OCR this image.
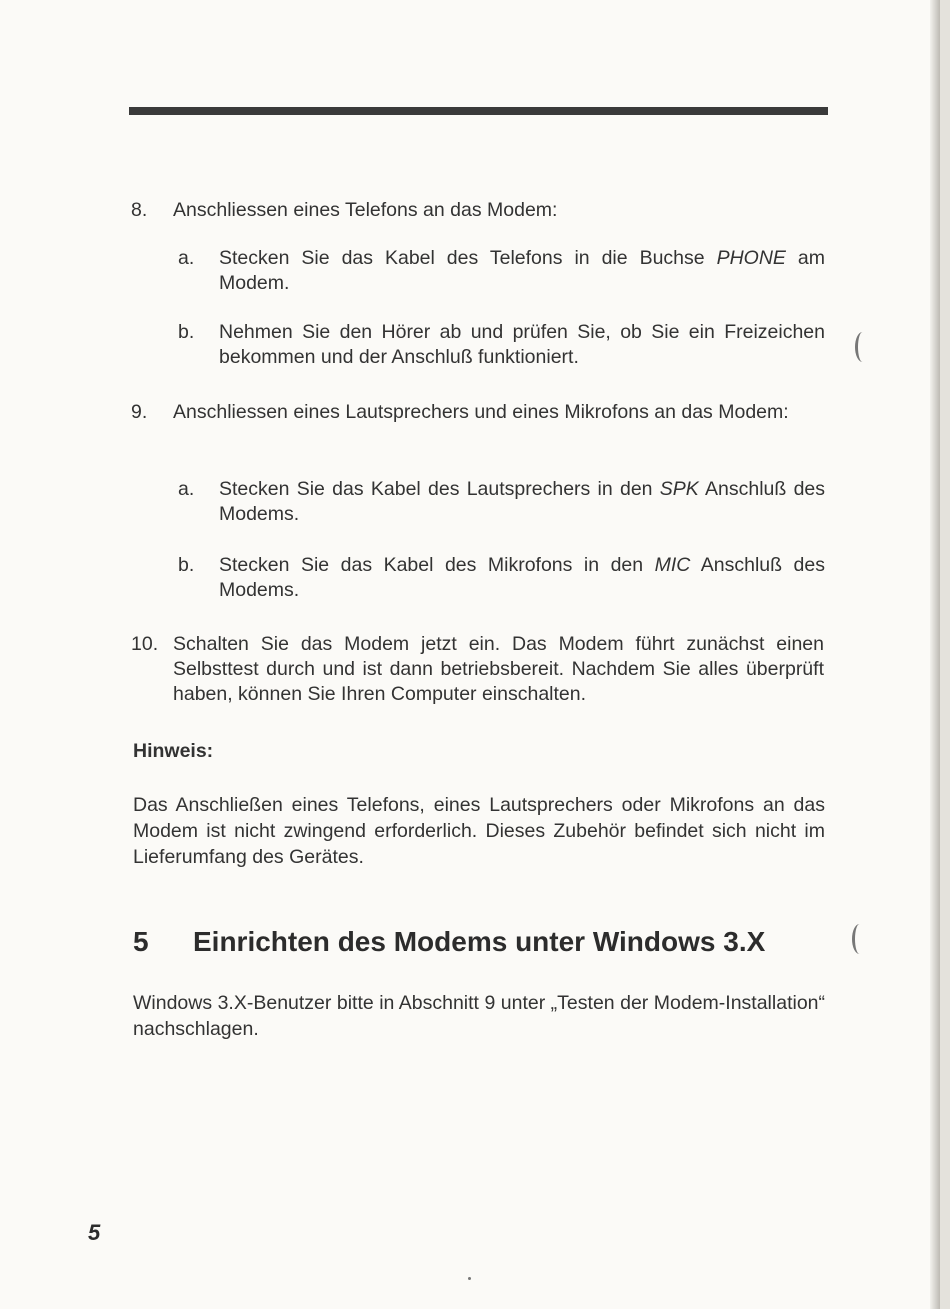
8. Anschliessen eines Telefons an das Modem:
a. Stecken Sie das Kabel des Telefons in die Buchse PHONE am Modem.
b. Nehmen Sie den Hörer ab und prüfen Sie, ob Sie ein Freizeichen bekommen und der Anschluß funktioniert.
9. Anschliessen eines Lautsprechers und eines Mikrofons an das Modem:
a. Stecken Sie das Kabel des Lautsprechers in den SPK Anschluß des Modems.
b. Stecken Sie das Kabel des Mikrofons in den MIC Anschluß des Modems.
10. Schalten Sie das Modem jetzt ein. Das Modem führt zunächst einen Selbsttest durch und ist dann betriebsbereit. Nachdem Sie alles überprüft haben, können Sie Ihren Computer einschalten.
Hinweis:
Das Anschließen eines Telefons, eines Lautsprechers oder Mikrofons an das Modem ist nicht zwingend erforderlich. Dieses Zubehör befindet sich nicht im Lieferumfang des Gerätes.
5 Einrichten des Modems unter Windows 3.X
Windows 3.X-Benutzer bitte in Abschnitt 9 unter „Testen der Modem-Installation“ nachschlagen.
5
